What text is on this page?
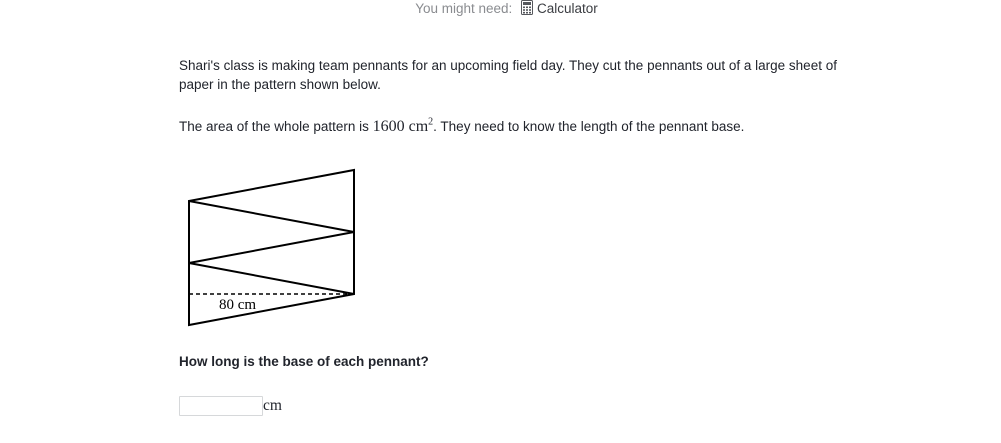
You might need: Calculator

Shari's class is making team pennants for an upcoming field day. They cut the pennants out of a large sheet of paper in the pattern shown below.

The area of the whole pattern is 1600 $cm^2$. They need to know the length of the pennant base.

80 cm

How long is the base of each pennant?

cm
